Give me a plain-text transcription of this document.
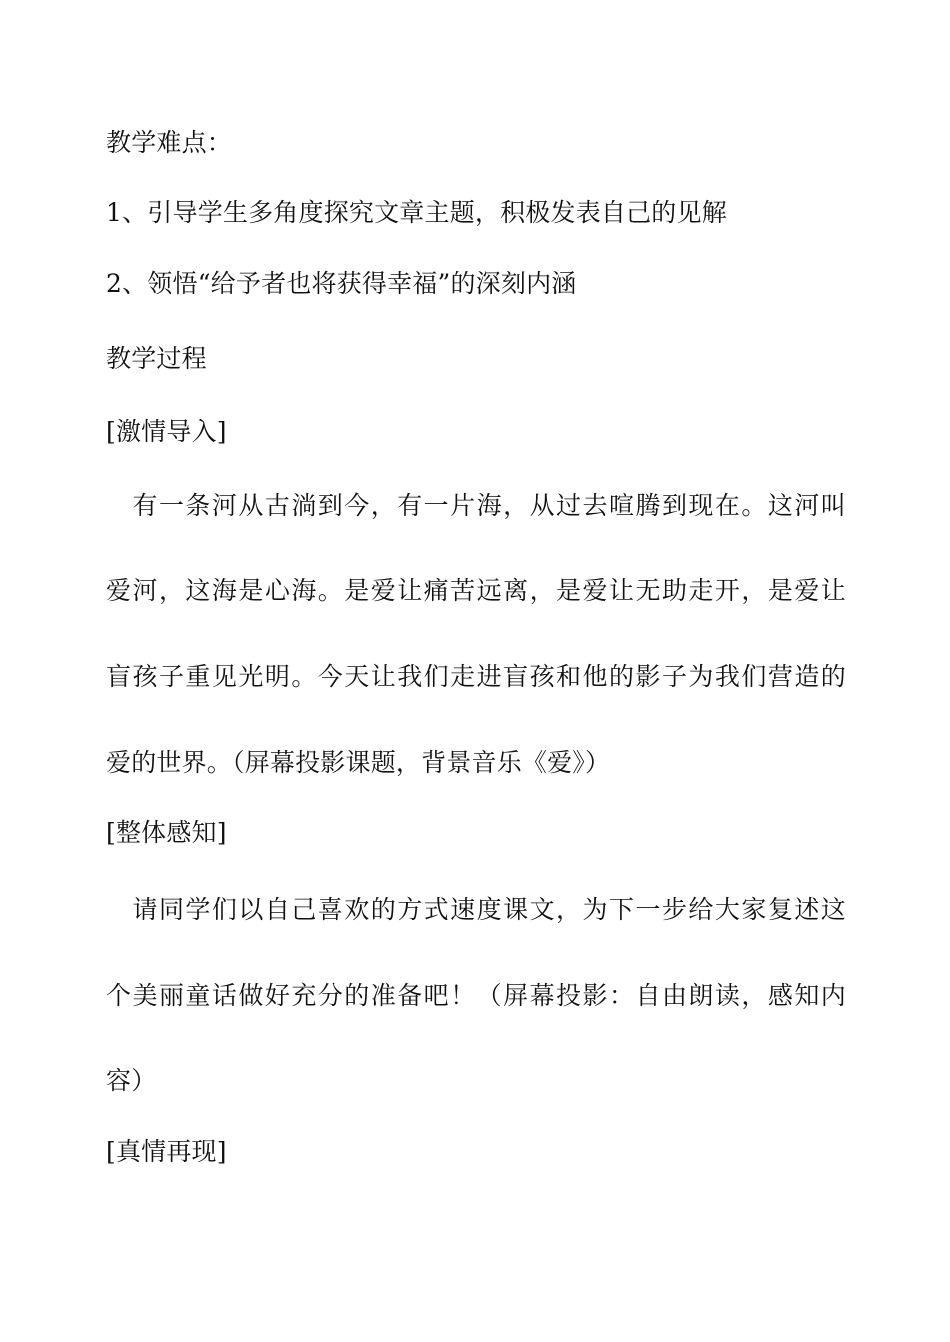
教学难点：
1、引导学生多角度探究文章主题，积极发表自己的见解
2、领悟“给予者也将获得幸福”的深刻内涵
教学过程
[激情导入]
　有一条河从古淌到今，有一片海，从过去喧腾到现在。这河叫
爱河，这海是心海。是爱让痛苦远离，是爱让无助走开，是爱让
盲孩子重见光明。今天让我们走进盲孩和他的影子为我们营造的
爱的世界。（屏幕投影课题，背景音乐《爱》）
[整体感知]
　请同学们以自己喜欢的方式速度课文，为下一步给大家复述这
个美丽童话做好充分的准备吧！（屏幕投影：自由朗读，感知内
容）
[真情再现]
